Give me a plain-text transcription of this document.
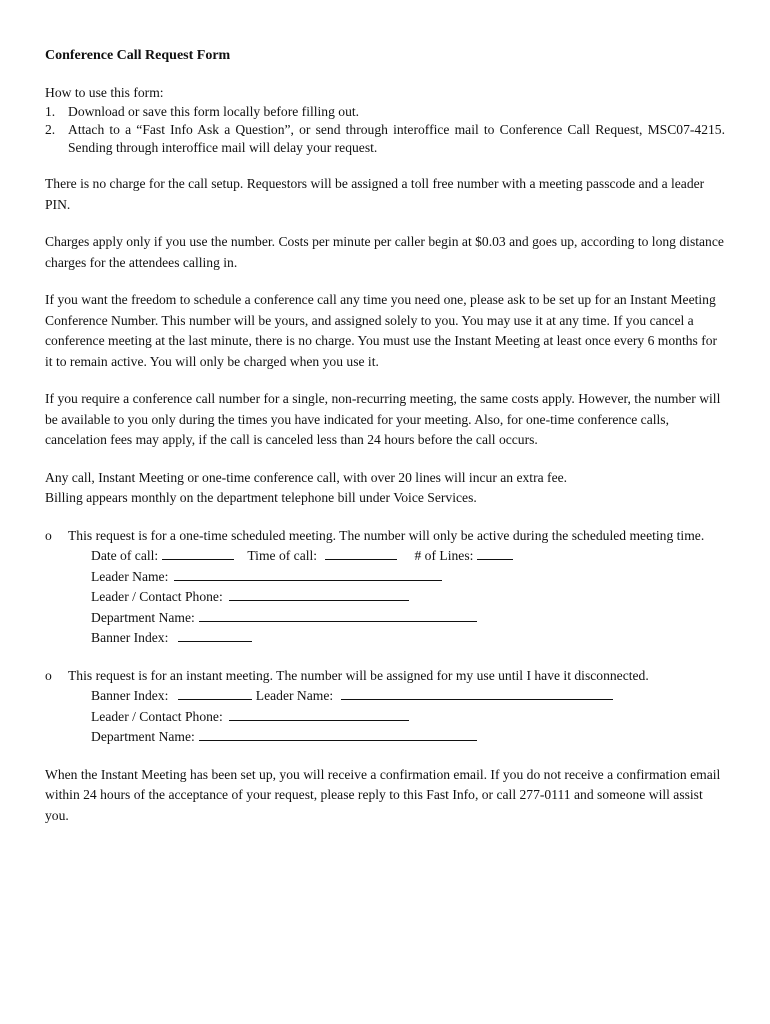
Conference Call Request Form
How to use this form:
1. Download or save this form locally before filling out.
2. Attach to a “Fast Info Ask a Question”, or send through interoffice mail to Conference Call Request, MSC07-4215. Sending through interoffice mail will delay your request.
There is no charge for the call setup. Requestors will be assigned a toll free number with a meeting passcode and a leader PIN.
Charges apply only if you use the number. Costs per minute per caller begin at $0.03 and goes up, according to long distance charges for the attendees calling in.
If you want the freedom to schedule a conference call any time you need one, please ask to be set up for an Instant Meeting Conference Number. This number will be yours, and assigned solely to you. You may use it at any time. If you cancel a conference meeting at the last minute, there is no charge. You must use the Instant Meeting at least once every 6 months for it to remain active. You will only be charged when you use it.
If you require a conference call number for a single, non-recurring meeting, the same costs apply. However, the number will be available to you only during the times you have indicated for your meeting. Also, for one-time conference calls, cancelation fees may apply, if the call is canceled less than 24 hours before the call occurs.
Any call, Instant Meeting or one-time conference call, with over 20 lines will incur an extra fee.
Billing appears monthly on the department telephone bill under Voice Services.
o This request is for a one-time scheduled meeting. The number will only be active during the scheduled meeting time.
Date of call:	Time of call:	# of Lines:
Leader Name:
Leader / Contact Phone:
Department Name:
Banner Index:
o This request is for an instant meeting. The number will be assigned for my use until I have it disconnected.
Banner Index:	Leader Name:
Leader / Contact Phone:
Department Name:
When the Instant Meeting has been set up, you will receive a confirmation email. If you do not receive a confirmation email within 24 hours of the acceptance of your request, please reply to this Fast Info, or call 277-0111 and someone will assist you.
